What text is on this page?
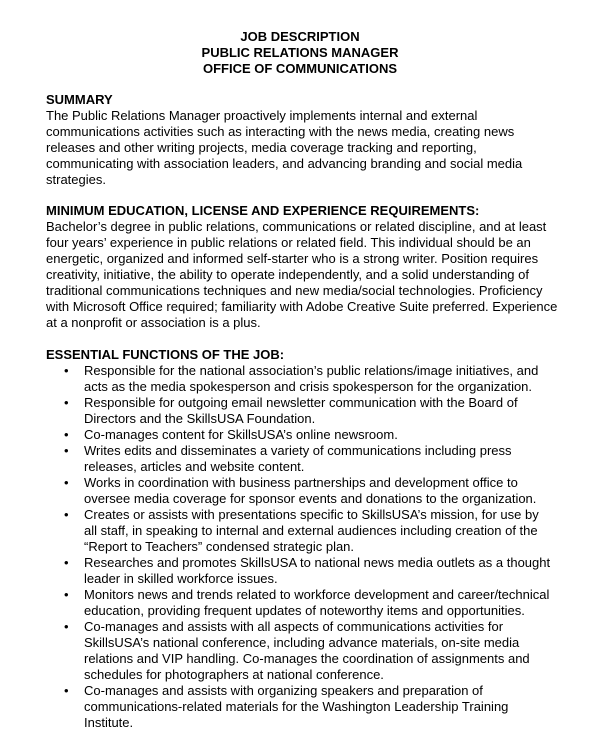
JOB DESCRIPTION
PUBLIC RELATIONS MANAGER
OFFICE OF COMMUNICATIONS
SUMMARY

The Public Relations Manager proactively implements internal and external communications activities such as interacting with the news media, creating news releases and other writing projects, media coverage tracking and reporting, communicating with association leaders, and advancing branding and social media strategies.

MINIMUM EDUCATION, LICENSE AND EXPERIENCE REQUIREMENTS:

Bachelor’s degree in public relations, communications or related discipline, and at least four years’ experience in public relations or related field. This individual should be an energetic, organized and informed self-starter who is a strong writer. Position requires creativity, initiative, the ability to operate independently, and a solid understanding of traditional communications techniques and new media/social technologies. Proficiency with Microsoft Office required; familiarity with Adobe Creative Suite preferred. Experience at a nonprofit or association is a plus.

ESSENTIAL FUNCTIONS OF THE JOB:
• Responsible for the national association’s public relations/image initiatives, and acts as the media spokesperson and crisis spokesperson for the organization.
• Responsible for outgoing email newsletter communication with the Board of Directors and the SkillsUSA Foundation.
• Co-manages content for SkillsUSA’s online newsroom.
• Writes edits and disseminates a variety of communications including press releases, articles and website content.
• Works in coordination with business partnerships and development office to oversee media coverage for sponsor events and donations to the organization.
• Creates or assists with presentations specific to SkillsUSA’s mission, for use by all staff, in speaking to internal and external audiences including creation of the “Report to Teachers” condensed strategic plan.
• Researches and promotes SkillsUSA to national news media outlets as a thought leader in skilled workforce issues.
• Monitors news and trends related to workforce development and career/technical education, providing frequent updates of noteworthy items and opportunities.
• Co-manages and assists with all aspects of communications activities for SkillsUSA’s national conference, including advance materials, on-site media relations and VIP handling. Co-manages the coordination of assignments and schedules for photographers at national conference.
• Co-manages and assists with organizing speakers and preparation of communications-related materials for the Washington Leadership Training Institute.
